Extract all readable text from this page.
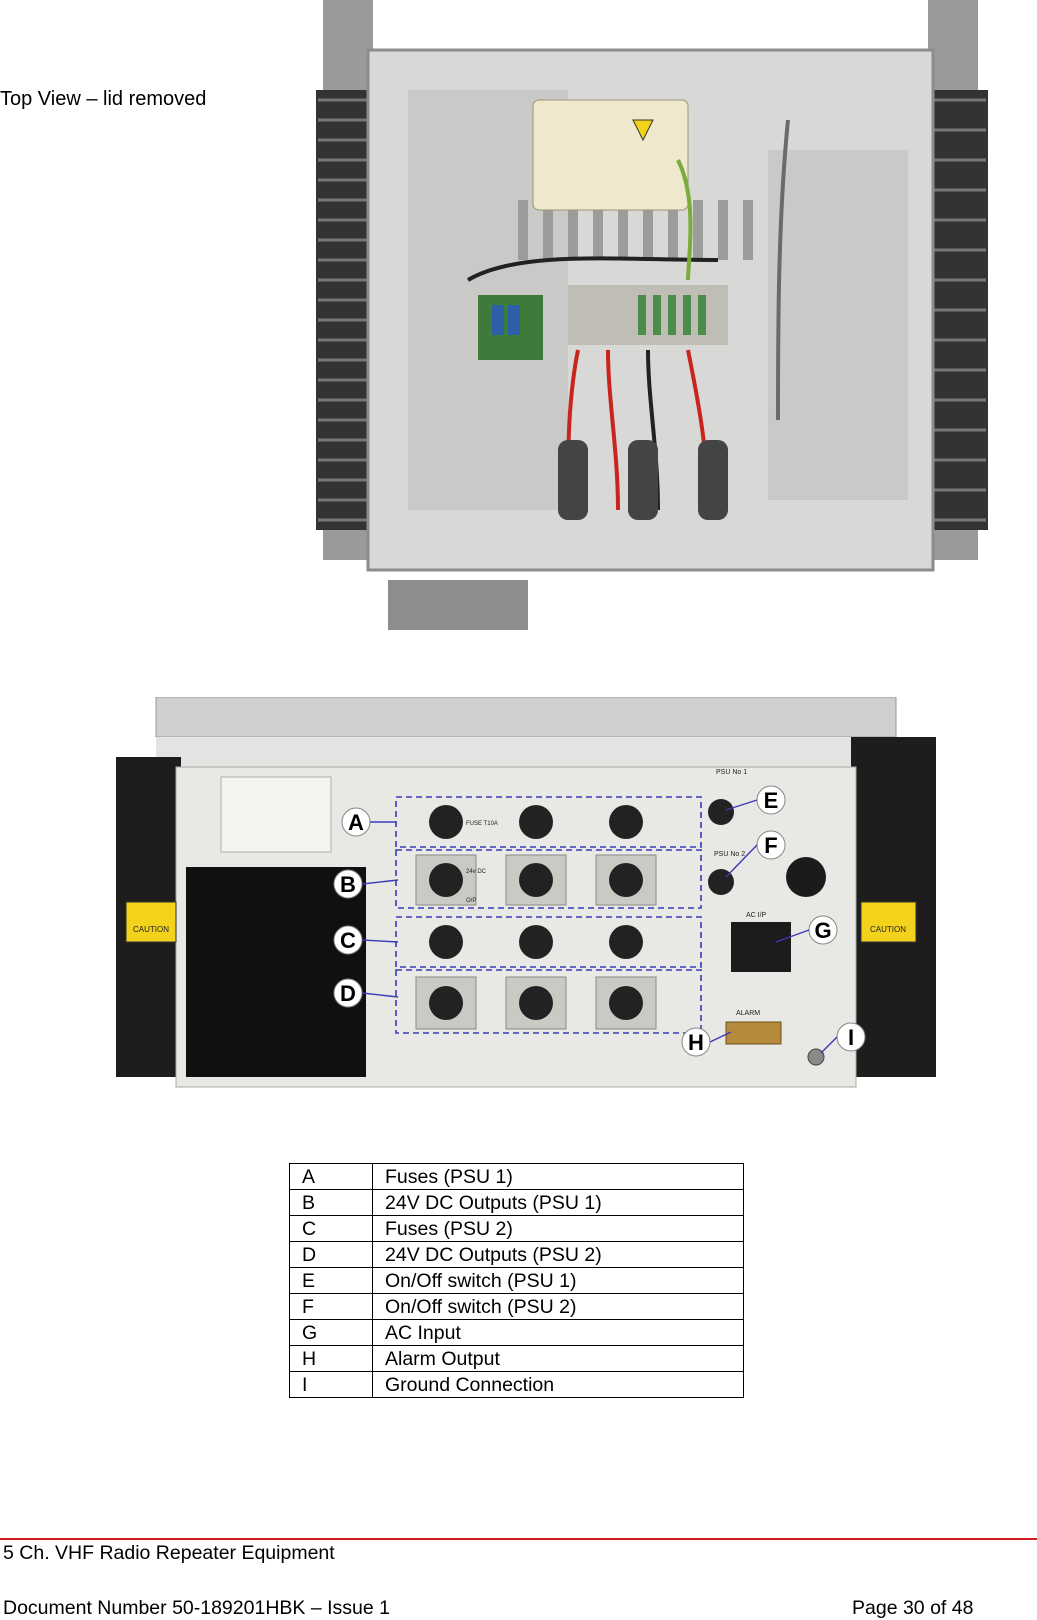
Top View – lid removed
CAUTION	CAUTION
A
B
C
D
E
F
G
H	I
PSU No 1
PSU No 2
FUSE T10A
24v DC
O/P
AC I/P
ALARM
A	Fuses (PSU 1)
B	24V DC Outputs (PSU 1)
C	Fuses (PSU 2)
D	24V DC Outputs (PSU 2)
E	On/Off switch (PSU 1)
F	On/Off switch (PSU 2)
G	AC Input
H	Alarm Output
I	Ground Connection
5 Ch. VHF Radio Repeater Equipment
Document Number 50-189201HBK – Issue 1	Page 30 of 48
